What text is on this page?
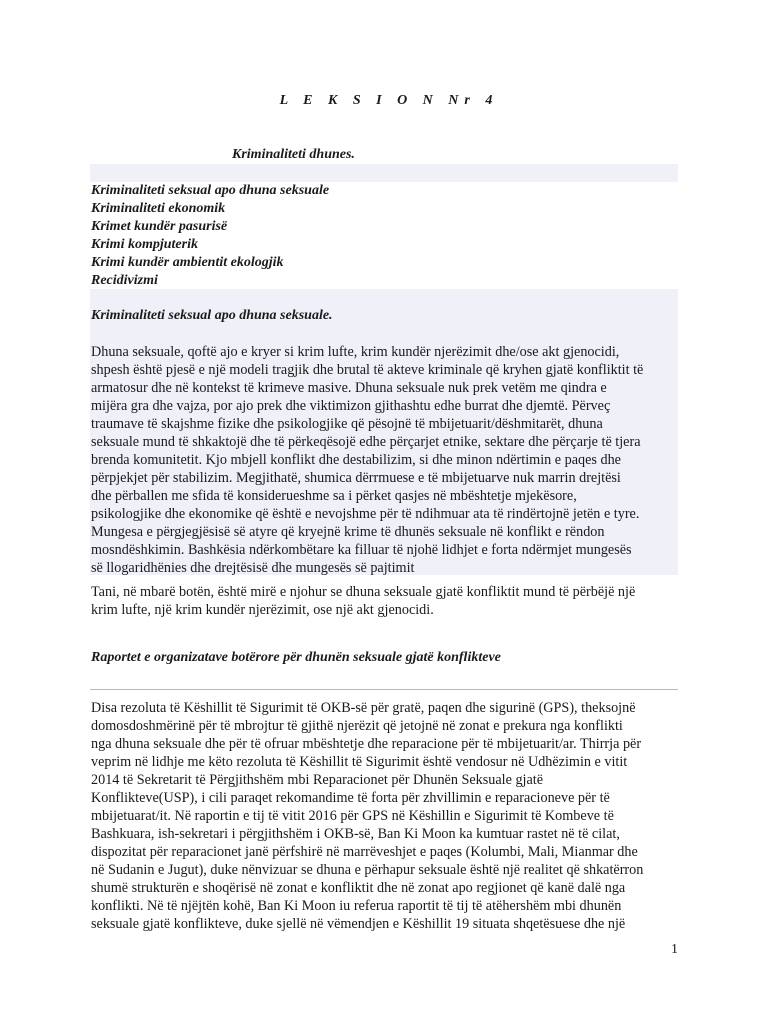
L E K S I O N Nr 4
Kriminaliteti dhunes.
Kriminaliteti seksual apo dhuna seksuale
Kriminaliteti ekonomik
Krimet kundër pasurisë
Krimi kompjuterik
Krimi kundër ambientit ekologjik
Recidivizmi
Kriminaliteti seksual apo dhuna seksuale.
Dhuna seksuale, qoftë ajo e kryer si krim lufte, krim kundër njerëzimit dhe/ose akt gjenocidi,
shpesh është pjesë e një modeli tragjik dhe brutal të akteve kriminale që kryhen gjatë konfliktit të
armatosur dhe në kontekst të krimeve masive. Dhuna seksuale nuk prek vetëm me qindra e
mijëra gra dhe vajza, por ajo prek dhe viktimizon gjithashtu edhe burrat dhe djemtë. Përveç
traumave të skajshme fizike dhe psikologjike që pësojnë të mbijetuarit/dëshmitarët, dhuna
seksuale mund të shkaktojë dhe të përkeqësojë edhe përçarjet etnike, sektare dhe përçarje të tjera
brenda komunitetit. Kjo mbjell konflikt dhe destabilizim, si dhe minon ndërtimin e paqes dhe
përpjekjet për stabilizim. Megjithatë, shumica dërrmuese e të mbijetuarve nuk marrin drejtësi
dhe përballen me sfida të konsiderueshme sa i përket qasjes në mbështetje mjekësore,
psikologjike dhe ekonomike që është e nevojshme për të ndihmuar ata të rindërtojnë jetën e tyre.
Mungesa e përgjegjësisë së atyre që kryejnë krime të dhunës seksuale në konflikt e rëndon
mosndëshkimin. Bashkësia ndërkombëtare ka filluar të njohë lidhjet e forta ndërmjet mungesës
së llogaridhënies dhe drejtësisë dhe mungesës së pajtimit
Tani, në mbarë botën, është mirë e njohur se dhuna seksuale gjatë konfliktit mund të përbëjë një
krim lufte, një krim kundër njerëzimit, ose një akt gjenocidi.
Raportet e organizatave botërore për dhunën seksuale gjatë konflikteve
Disa rezoluta të Këshillit të Sigurimit të OKB-së për gratë, paqen dhe sigurinë (GPS), theksojnë
domosdoshmërinë për të mbrojtur të gjithë njerëzit që jetojnë në zonat e prekura nga konflikti
nga dhuna seksuale dhe për të ofruar mbështetje dhe reparacione për të mbijetuarit/ar. Thirrja për
veprim në lidhje me këto rezoluta të Këshillit të Sigurimit është vendosur në Udhëzimin e vitit
2014 të Sekretarit të Përgjithshëm mbi Reparacionet për Dhunën Seksuale gjatë
Konflikteve(USP), i cili paraqet rekomandime të forta për zhvillimin e reparacioneve për të
mbijetuarat/it. Në raportin e tij të vitit 2016 për GPS në Këshillin e Sigurimit të Kombeve të
Bashkuara, ish-sekretari i përgjithshëm i OKB-së, Ban Ki Moon ka kumtuar rastet në të cilat,
dispozitat për reparacionet janë përfshirë në marrëveshjet e paqes (Kolumbi, Mali, Mianmar dhe
në Sudanin e Jugut), duke nënvizuar se dhuna e përhapur seksuale është një realitet që shkatërron
shumë strukturën e shoqërisë në zonat e konfliktit dhe në zonat apo regjionet që kanë dalë nga
konflikti. Në të njëjtën kohë, Ban Ki Moon iu referua raportit të tij të atëhershëm mbi dhunën
seksuale gjatë konflikteve, duke sjellë në vëmendjen e Këshillit 19 situata shqetësuese dhe një
1
